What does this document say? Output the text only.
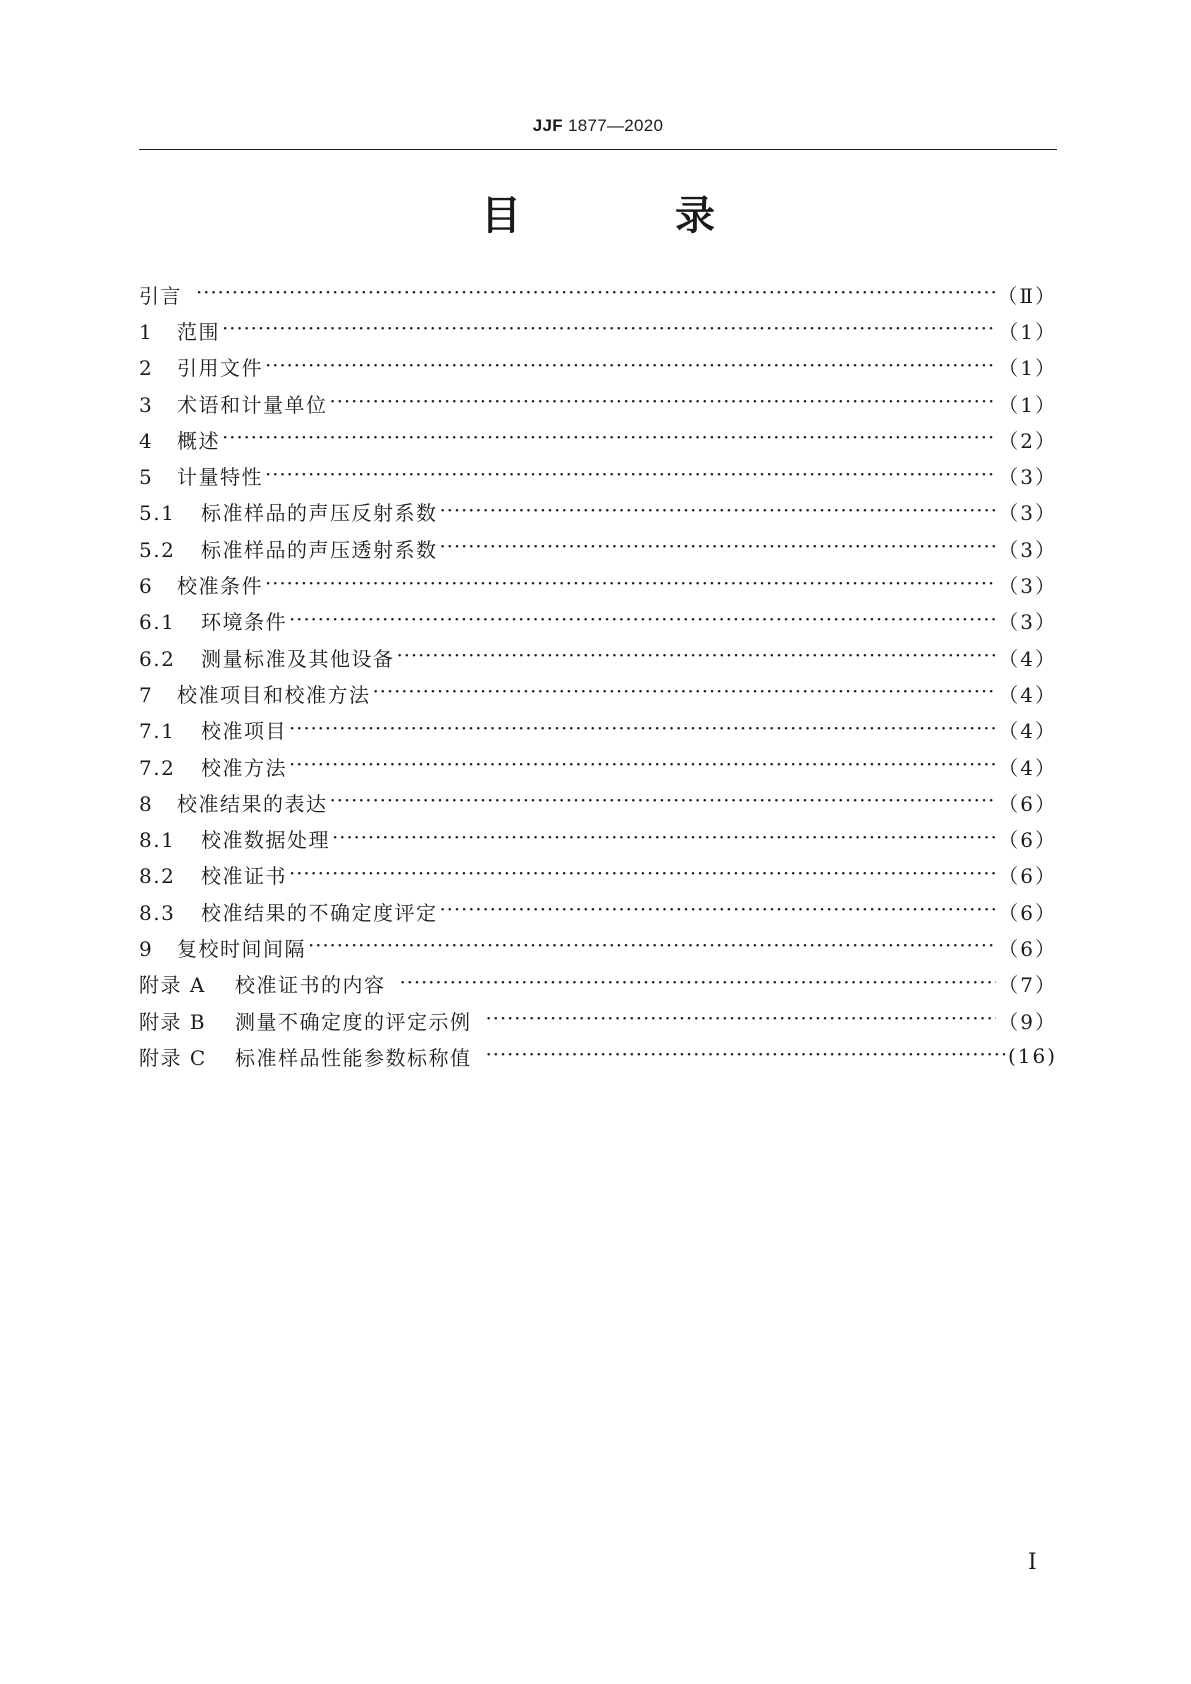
JJF 1877—2020
目 录
引言 ·····	（Ⅱ）
1 范围 ·····	（1）
2 引用文件 ·····	（1）
3 术语和计量单位 ·····	（1）
4 概述 ·····	（2）
5 计量特性 ·····	（3）
5.1 标准样品的声压反射系数 ·····	（3）
5.2 标准样品的声压透射系数 ·····	（3）
6 校准条件 ·····	（3）
6.1 环境条件 ·····	（3）
6.2 测量标准及其他设备 ·····	（4）
7 校准项目和校准方法 ·····	（4）
7.1 校准项目 ·····	（4）
7.2 校准方法 ·····	（4）
8 校准结果的表达 ·····	（6）
8.1 校准数据处理 ·····	（6）
8.2 校准证书 ·····	（6）
8.3 校准结果的不确定度评定 ·····	（6）
9 复校时间间隔 ·····	（6）
附录 A 校准证书的内容 ·····	（7）
附录 B 测量不确定度的评定示例 ·····	（9）
附录 C 标准样品性能参数标称值 ·····	(16)
Ⅰ
